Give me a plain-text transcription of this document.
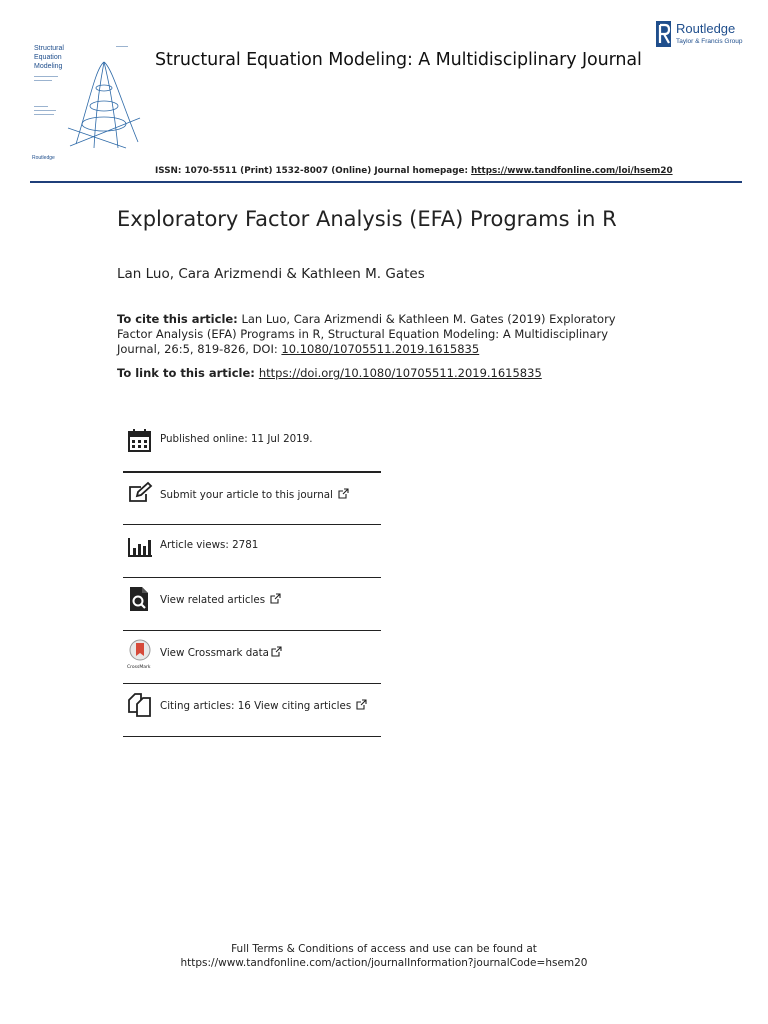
Structural
Equation
Modeling
Routledge
Structural Equation Modeling: A Multidisciplinary Journal
Routledge
Taylor & Francis Group
ISSN: 1070-5511 (Print) 1532-8007 (Online) Journal homepage: https://www.tandfonline.com/loi/hsem20
Exploratory Factor Analysis (EFA) Programs in R
Lan Luo, Cara Arizmendi & Kathleen M. Gates
To cite this article: Lan Luo, Cara Arizmendi & Kathleen M. Gates (2019) Exploratory Factor Analysis (EFA) Programs in R, Structural Equation Modeling: A Multidisciplinary Journal, 26:5, 819-826, DOI: 10.1080/10705511.2019.1615835
To link to this article: https://doi.org/10.1080/10705511.2019.1615835
Published online: 11 Jul 2019.
Submit your article to this journal
Article views: 2781
View related articles
CrossMark
View Crossmark data
Citing articles: 16 View citing articles
Full Terms & Conditions of access and use can be found at
https://www.tandfonline.com/action/journalInformation?journalCode=hsem20
